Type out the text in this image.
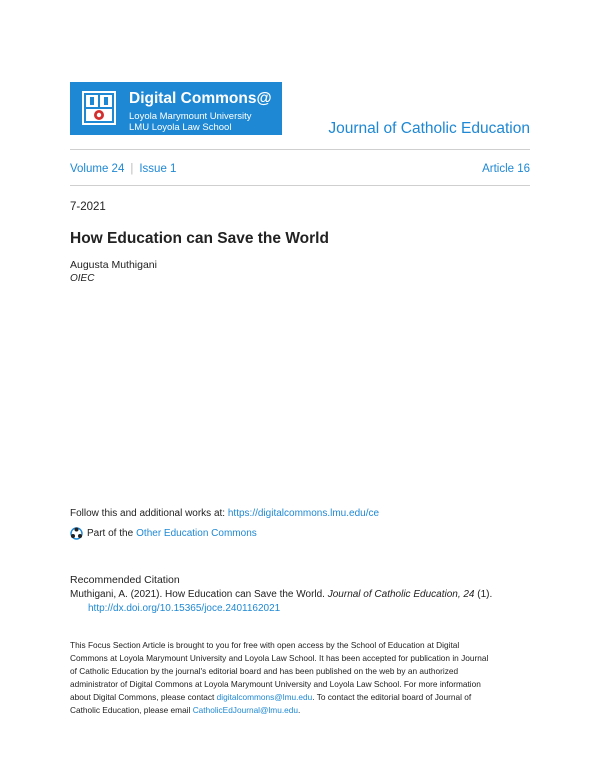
Digital Commons@
Loyola Marymount University
LMU Loyola Law School	Journal of Catholic Education
Volume 24 | Issue 1	Article 16
7-2021
How Education can Save the World
Augusta Muthigani
OIEC
Follow this and additional works at: https://digitalcommons.lmu.edu/ce
Part of the Other Education Commons
Recommended Citation
Muthigani, A. (2021). How Education can Save the World. Journal of Catholic Education, 24 (1).
http://dx.doi.org/10.15365/joce.2401162021

This Focus Section Article is brought to you for free with open access by the School of Education at Digital

Commons at Loyola Marymount University and Loyola Law School. It has been accepted for publication in Journal

of Catholic Education by the journal's editorial board and has been published on the web by an authorized

administrator of Digital Commons at Loyola Marymount University and Loyola Law School. For more information

about Digital Commons, please contact digitalcommons@lmu.edu. To contact the editorial board of Journal of

Catholic Education, please email CatholicEdJournal@lmu.edu.
